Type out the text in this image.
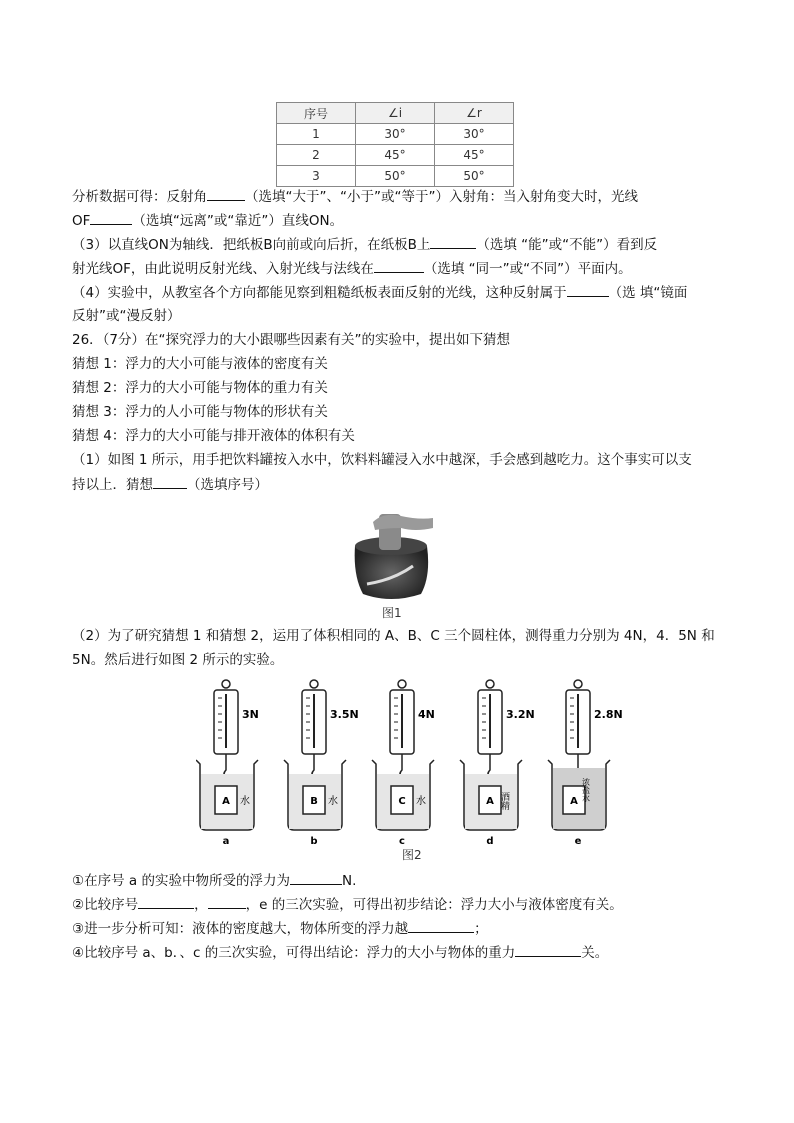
序号	∠i	∠r
1	30°	30°
2	45°	45°
3	50°	50°
分析数据可得：反射角	（选填“大于”、“小于”或“等于”）入射角：当入射角变大时，光线
OF	（选填“远离”或“靠近”）直线ON。
（3）以直线ON为轴线．把纸板B向前或向后折，在纸板B上	（选填 “能”或“不能”）看到反
射光线OF，由此说明反射光线、入射光线与法线在	（选填 “同一”或“不同”）平面内。
（4）实验中，从教室各个方向都能见察到粗糙纸板表面反射的光线，这种反射属于	（选 填“镜面
反射”或“漫反射）
26．（7分）在“探究浮力的大小跟哪些因素有关”的实验中，提出如下猜想
猜想 1：浮力的大小可能与液体的密度有关
猜想 2：浮力的大小可能与物体的重力有关
猜想 3：浮力的人小可能与物体的形状有关
猜想 4：浮力的大小可能与排开液体的体积有关
（1）如图 1 所示，用手把饮料罐按入水中，饮料料罐浸入水中越深，手会感到越吃力。这个事实可以支
持以上．猜想	（选填序号）
图1
（2）为了研究猜想 1 和猜想 2，运用了体积相同的 A、B、C 三个圆柱体，测得重力分别为 4N，4．5N 和
5N。然后进行如图 2 所示的实验。
3N
A 水
a
3.5N
B 水
b
4N
C 水
c
3.2N
A 酒精
d
2.8N
A 浓盐水
e
图2
①在序号 a 的实验中物所受的浮力为	N.
②比较序号	，	，e 的三次实验，可得出初步结论：浮力大小与液体密度有关。
③进一步分析可知：液体的密度越大，物体所变的浮力越	；
④比较序号 a、b．、c 的三次实验，可得出结论：浮力的大小与物体的重力	关。
